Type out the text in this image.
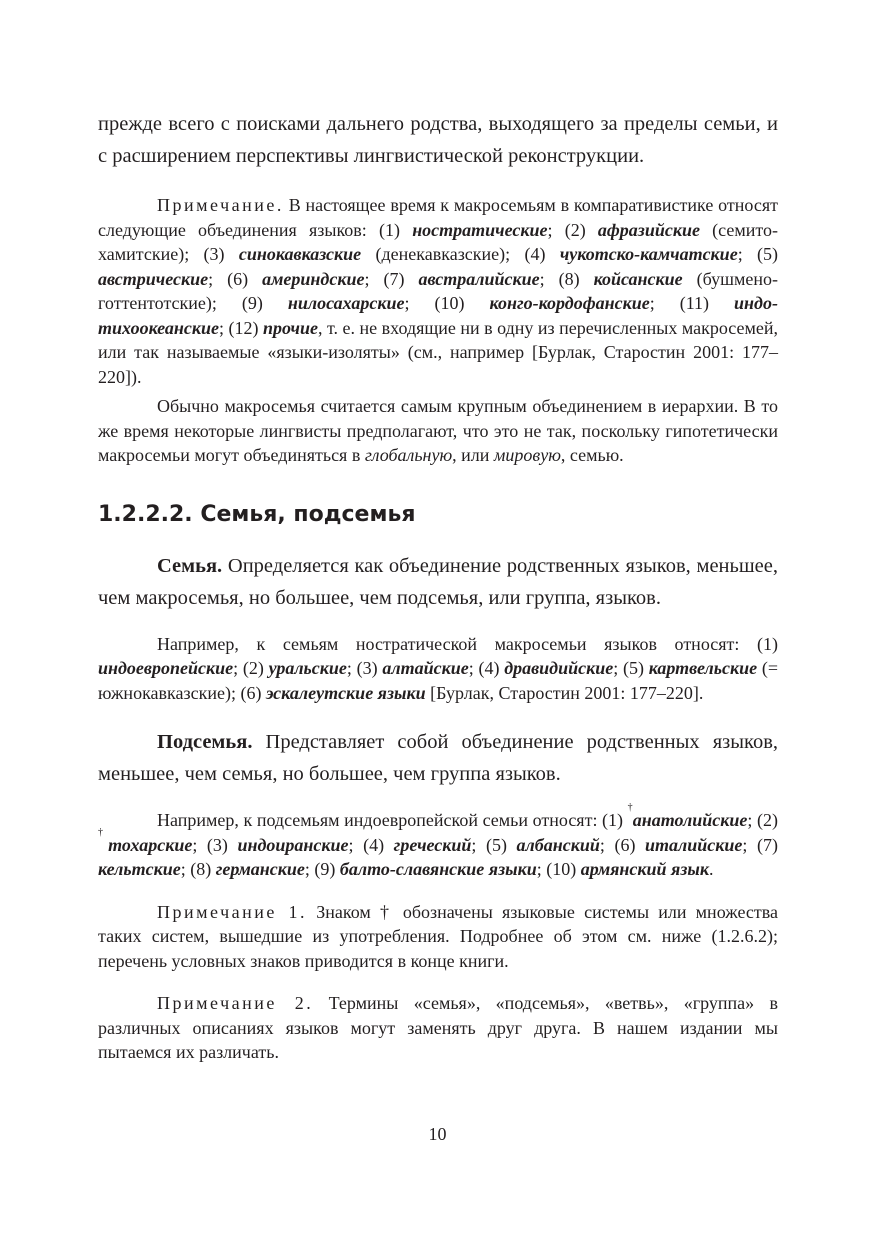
прежде всего с поисками дальнего родства, выходящего за пределы семьи, и с расширением перспективы лингвистической реконструкции.

Примечание. В настоящее время к макросемьям в компаративистике относят следующие объединения языков: (1) ностратические; (2) афразийские (семито-хамитские); (3) синокавказские (денекавказские); (4) чукотско-камчатские; (5) австрические; (6) америндские; (7) австралийские; (8) койсанские (бушмено-готтентотские); (9) нилосахарские; (10) конго-кордофанские; (11) индо-тихоокеанские; (12) прочие, т. е. не входящие ни в одну из перечисленных макросемей, или так называемые «языки-изоляты» (см., например [Бурлак, Старостин 2001: 177–220]).

Обычно макросемья считается самым крупным объединением в иерархии. В то же время некоторые лингвисты предполагают, что это не так, поскольку гипотетически макросемьи могут объединяться в глобальную, или мировую, семью.

1.2.2.2. Семья, подсемья

Семья. Определяется как объединение родственных языков, меньшее, чем макросемья, но большее, чем подсемья, или группа, языков.

Например, к семьям ностратической макросемьи языков относят: (1) индоевропейские; (2) уральские; (3) алтайские; (4) дравидийские; (5) картвельские (= южнокавказские); (6) эскалеутские языки [Бурлак, Старостин 2001: 177–220].

Подсемья. Представляет собой объединение родственных языков, меньшее, чем семья, но большее, чем группа языков.

Например, к подсемьям индоевропейской семьи относят: (1) †анатолийские; (2) †тохарские; (3) индоиранские; (4) греческий; (5) албанский; (6) италийские; (7) кельтские; (8) германские; (9) балто-славянские языки; (10) армянский язык.

Примечание 1. Знаком † обозначены языковые системы или множества таких систем, вышедшие из употребления. Подробнее об этом см. ниже (1.2.6.2); перечень условных знаков приводится в конце книги.

Примечание 2. Термины «семья», «подсемья», «ветвь», «группа» в различных описаниях языков могут заменять друг друга. В нашем издании мы пытаемся их различать.

10
